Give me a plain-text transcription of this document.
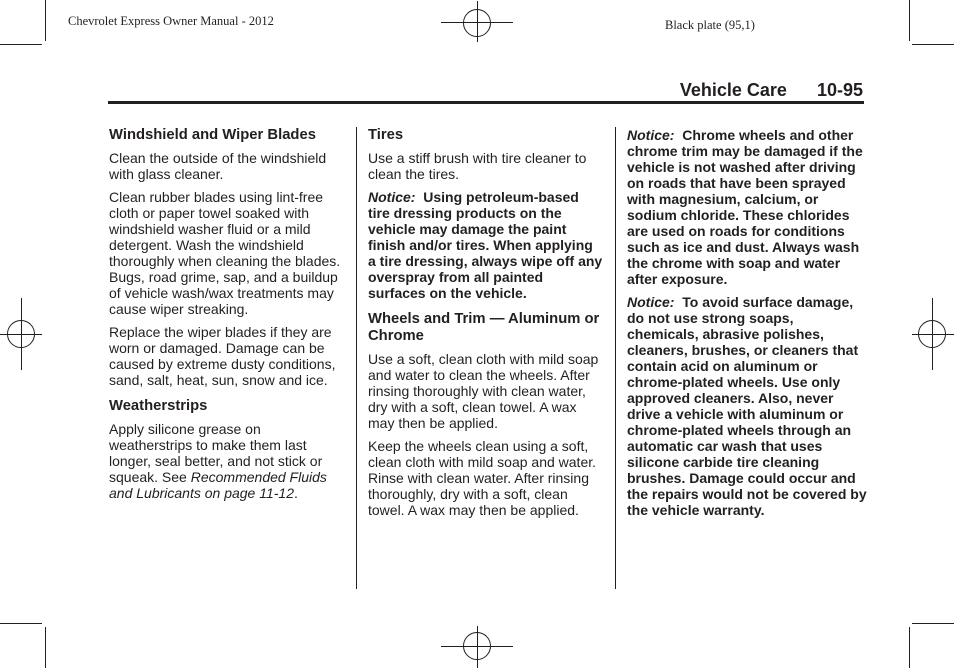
Chevrolet Express Owner Manual - 2012	Black plate (95,1)
Vehicle Care 10-95
Windshield and Wiper Blades

Clean the outside of the windshield with glass cleaner.

Clean rubber blades using lint-free cloth or paper towel soaked with windshield washer fluid or a mild detergent. Wash the windshield thoroughly when cleaning the blades. Bugs, road grime, sap, and a buildup of vehicle wash/wax treatments may cause wiper streaking.

Replace the wiper blades if they are worn or damaged. Damage can be caused by extreme dusty conditions, sand, salt, heat, sun, snow and ice.

Weatherstrips

Apply silicone grease on weatherstrips to make them last longer, seal better, and not stick or squeak. See Recommended Fluids and Lubricants on page 11-12.

Tires

Use a stiff brush with tire cleaner to clean the tires.

Notice: Using petroleum-based tire dressing products on the vehicle may damage the paint finish and/or tires. When applying a tire dressing, always wipe off any overspray from all painted surfaces on the vehicle.

Wheels and Trim — Aluminum or Chrome

Use a soft, clean cloth with mild soap and water to clean the wheels. After rinsing thoroughly with clean water, dry with a soft, clean towel. A wax may then be applied.

Keep the wheels clean using a soft, clean cloth with mild soap and water. Rinse with clean water. After rinsing thoroughly, dry with a soft, clean towel. A wax may then be applied.

Notice: Chrome wheels and other chrome trim may be damaged if the vehicle is not washed after driving on roads that have been sprayed with magnesium, calcium, or sodium chloride. These chlorides are used on roads for conditions such as ice and dust. Always wash the chrome with soap and water after exposure.

Notice: To avoid surface damage, do not use strong soaps, chemicals, abrasive polishes, cleaners, brushes, or cleaners that contain acid on aluminum or chrome-plated wheels. Use only approved cleaners. Also, never drive a vehicle with aluminum or chrome-plated wheels through an automatic car wash that uses silicone carbide tire cleaning brushes. Damage could occur and the repairs would not be covered by the vehicle warranty.
